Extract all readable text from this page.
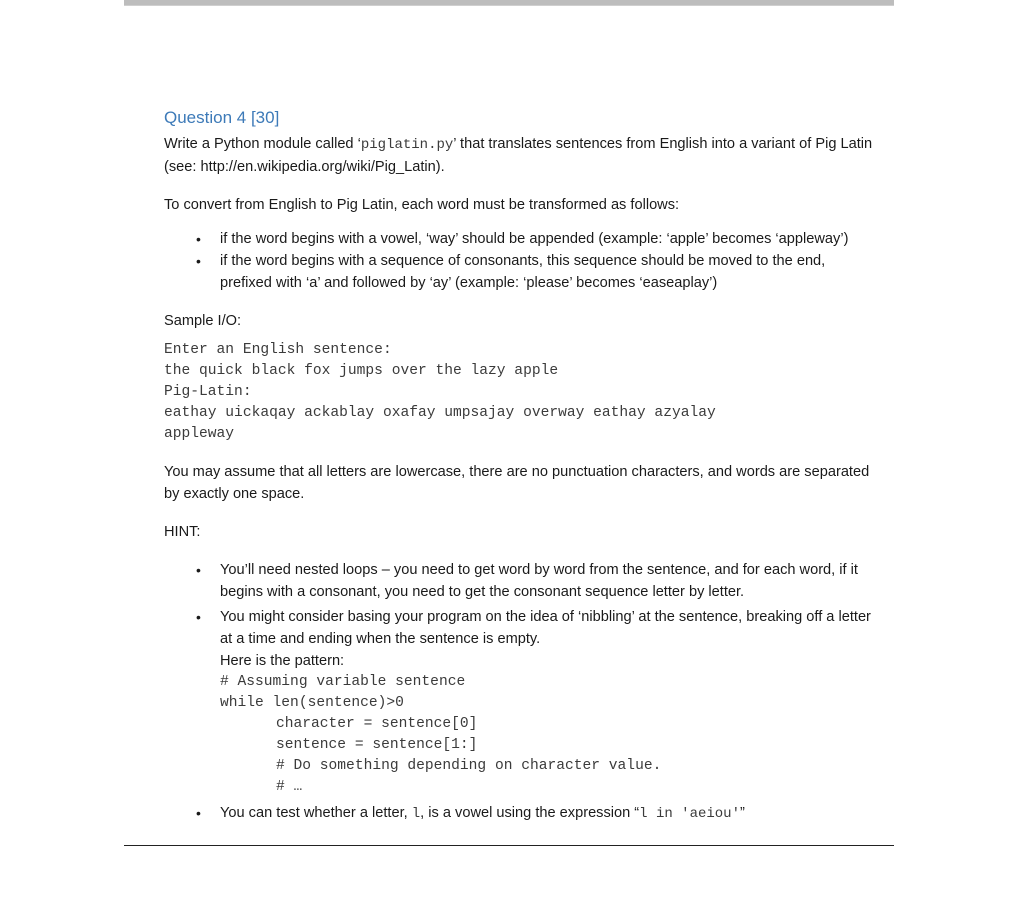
Question 4 [30]

Write a Python module called ‘piglatin.py’ that translates sentences from English into a variant of Pig Latin (see: http://en.wikipedia.org/wiki/Pig_Latin).

To convert from English to Pig Latin, each word must be transformed as follows:

• if the word begins with a vowel, ‘way’ should be appended (example: ‘apple’ becomes ‘appleway’)
• if the word begins with a sequence of consonants, this sequence should be moved to the end, prefixed with ‘a’ and followed by ‘ay’ (example: ‘please’ becomes ‘easeaplay’)

Sample I/O:

Enter an English sentence:
the quick black fox jumps over the lazy apple
Pig-Latin:
eathay uickaqay ackablay oxafay umpsajay overway eathay azyalay
appleway

You may assume that all letters are lowercase, there are no punctuation characters, and words are separated by exactly one space.

HINT:

• You’ll need nested loops – you need to get word by word from the sentence, and for each word, if it begins with a consonant, you need to get the consonant sequence letter by letter.
• You might consider basing your program on the idea of ‘nibbling’ at the sentence, breaking off a letter at a time and ending when the sentence is empty.
Here is the pattern:
# Assuming variable sentence
while len(sentence)>0
character = sentence[0]
sentence = sentence[1:]
# Do something depending on character value.
# …
• You can test whether a letter, l, is a vowel using the expression “l in 'aeiou'”
